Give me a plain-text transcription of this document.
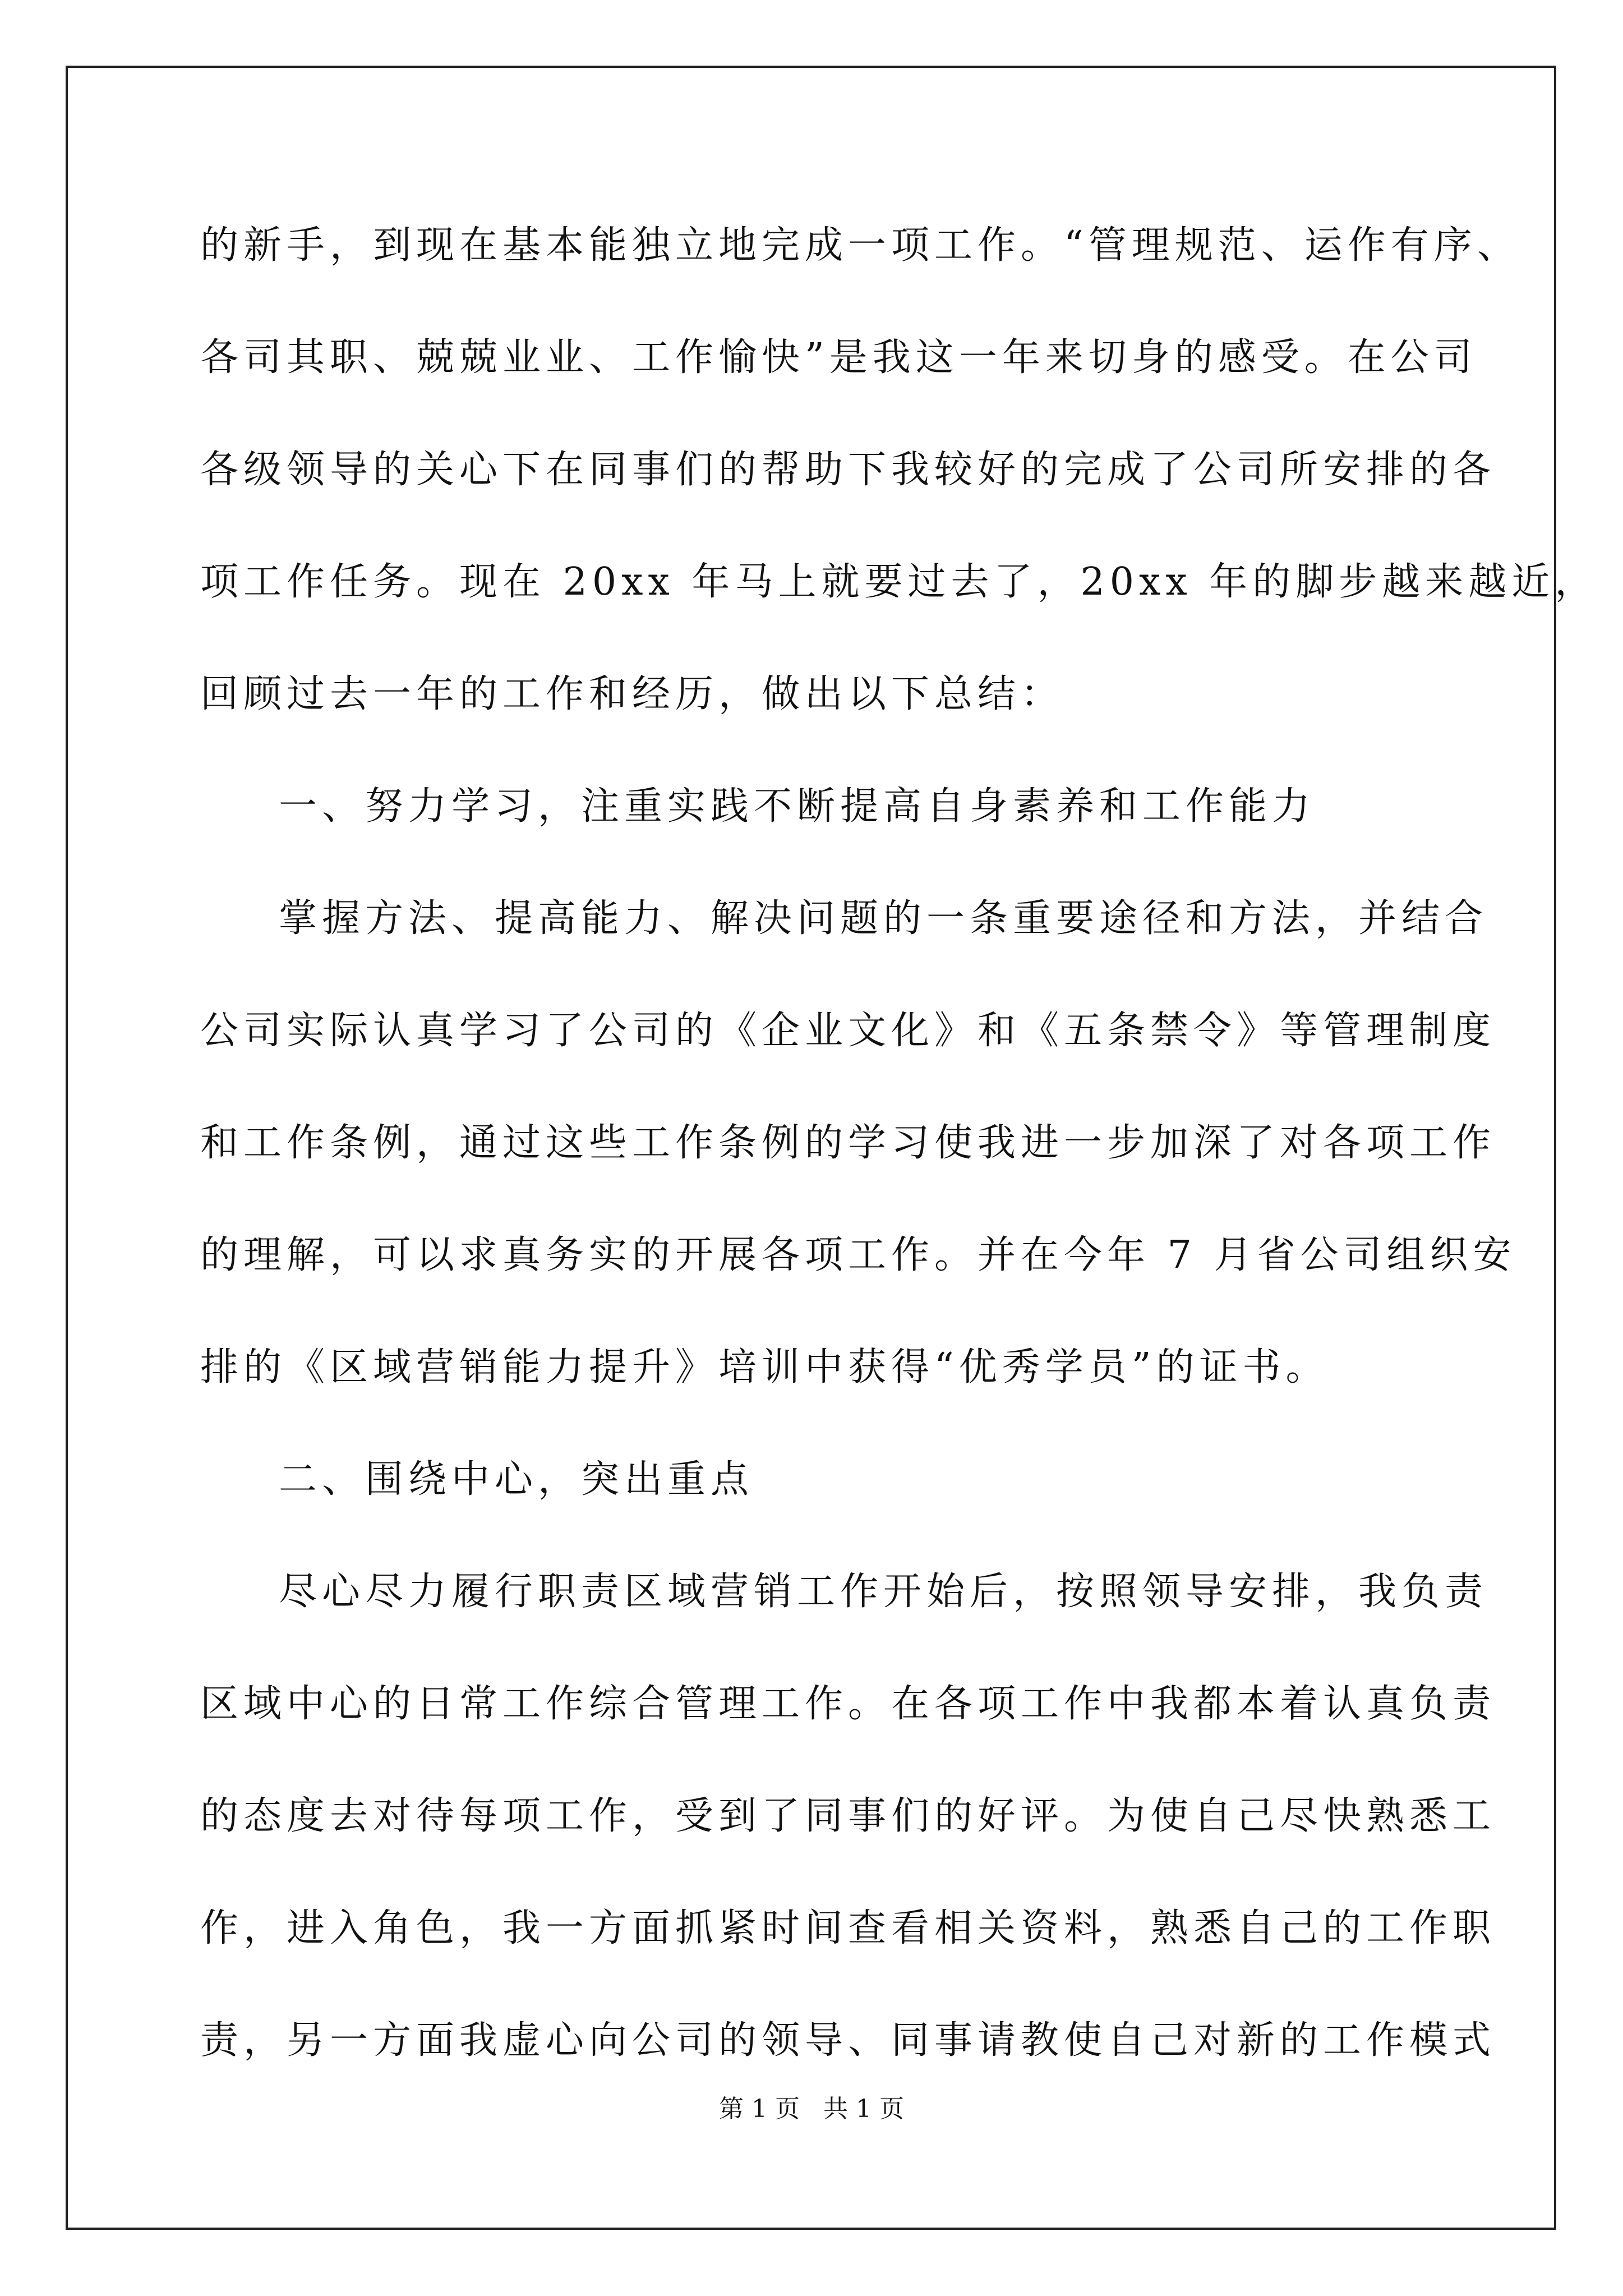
的新手，到现在基本能独立地完成一项工作。“管理规范、运作有序、
各司其职、兢兢业业、工作愉快”是我这一年来切身的感受。在公司
各级领导的关心下在同事们的帮助下我较好的完成了公司所安排的各
项工作任务。现在 20xx 年马上就要过去了，20xx 年的脚步越来越近，
回顾过去一年的工作和经历，做出以下总结：
一、努力学习，注重实践不断提高自身素养和工作能力
掌握方法、提高能力、解决问题的一条重要途径和方法，并结合
公司实际认真学习了公司的《企业文化》和《五条禁令》等管理制度
和工作条例，通过这些工作条例的学习使我进一步加深了对各项工作
的理解，可以求真务实的开展各项工作。并在今年 7 月省公司组织安
排的《区域营销能力提升》培训中获得“优秀学员”的证书。
二、围绕中心，突出重点
尽心尽力履行职责区域营销工作开始后，按照领导安排，我负责
区域中心的日常工作综合管理工作。在各项工作中我都本着认真负责
的态度去对待每项工作，受到了同事们的好评。为使自己尽快熟悉工
作，进入角色，我一方面抓紧时间查看相关资料，熟悉自己的工作职
责，另一方面我虚心向公司的领导、同事请教使自己对新的工作模式
第 1 页   共 1 页
